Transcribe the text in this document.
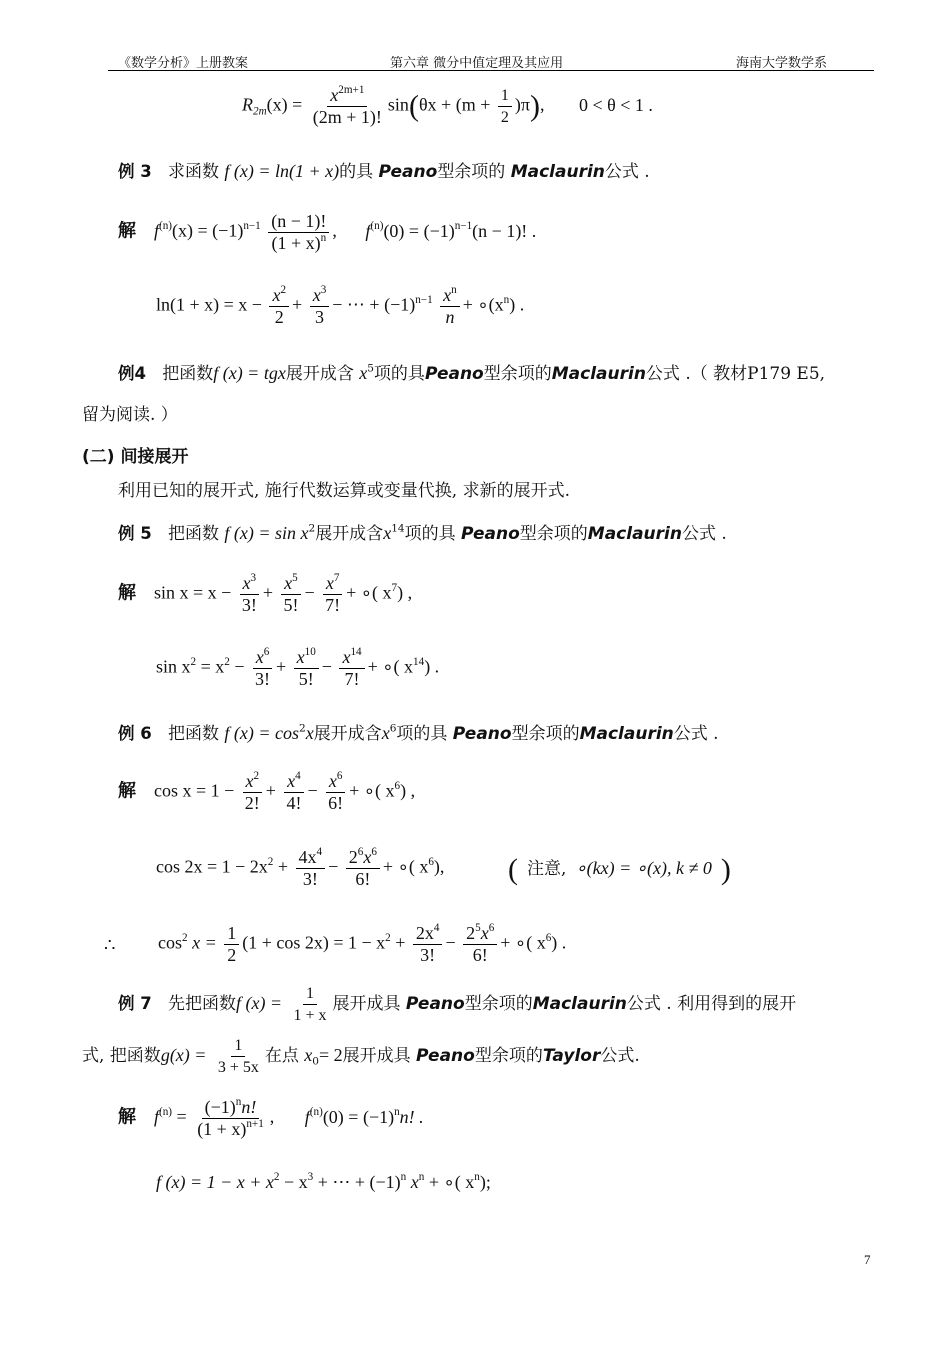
《数学分析》上册教案	第六章 微分中值定理及其应用	海南大学数学系
$R_{2m}(x) = \frac{x^{2m+1}}{(2m + 1)!} \sin(\theta x + (m + \frac{1}{2} )\pi)$, 0 < θ < 1 .
例 3 求函数 f (x) = ln(1 + x)的具 Peano型余项的 Maclaurin公式 .
解 $f^{(n)}(x) = (-1)^{n-1} \frac{(n - 1)!}{(1 + x)^n}$ , $f^{(n)}(0) = (-1)^{n-1}(n - 1)$! .
$\ln(1 + x) = x - \frac{x^2}{2} + \frac{x^3}{3}$ − ⋯ + $(-1)^{n-1} \frac{x^n}{n}$ + $\circ(x^n)$ .
例4 把函数f (x) = tgx展开成含 $x^5$项的具Peano型余项的Maclaurin公式 .（ 教材P179 E5,
留为阅读. ）
(二) 间接展开
利用已知的展开式, 施行代数运算或变量代换, 求新的展开式.
例 5 把函数 f $(x) = \sin x^2$展开成含$x^{14}$项的具 Peano型余项的Maclaurin公式 .
解 $\sin x = x - \frac{x^3}{3!} + \frac{x^5}{5!} - \frac{x^7}{7!}$ + ∘( $x^7$) ,
$\sin x^2 = x^2 - \frac{x^6}{3!} + \frac{x^{10}}{5!} - \frac{x^{14}}{7!}$ + ∘( $x^{14}$) .
例 6 把函数 f $(x) = \cos^2x$展开成含$x^6$项的具 Peano型余项的Maclaurin公式 .
解 $\cos x = 1 - \frac{x^2}{2!} + \frac{x^4}{4!} - \frac{x^6}{6!}$ + ∘( $x^6$) ,
$\cos 2x = 1 - 2x^2 + \frac{4x^4}{3!} - \frac{2^6x^6}{6!}$ + ∘( $x^6$), ( 注意, ∘(kx) = ∘(x), k ≠ 0 )
∴ $\cos^2 x = \frac{1}{2} (1 + \cos 2x) = 1 - x^2 + \frac{2x^4}{3!} - \frac{2^5x^6}{6!}$ + ∘( $x^6$) .
例 7 先把函数f $(x) = \frac{1}{1 + x}$ 展开成具 Peano型余项的Maclaurin公式 . 利用得到的展开
式, 把函数$g(x) = \frac{1}{3 + 5x}$ 在点 $x_0= 2$展开成具 Peano型余项的Taylor公式.
解 $f^{(n)} = \frac{(-1)^nn!}{(1 + x)^{n+1}}$ , $f^{(n)}(0) = (-1)^nn$! .
f $(x) = 1 - x + x^2 - x^3$ + ⋯ + $(-1)^n$ $x^n$ + ∘( $x^n$);
7
